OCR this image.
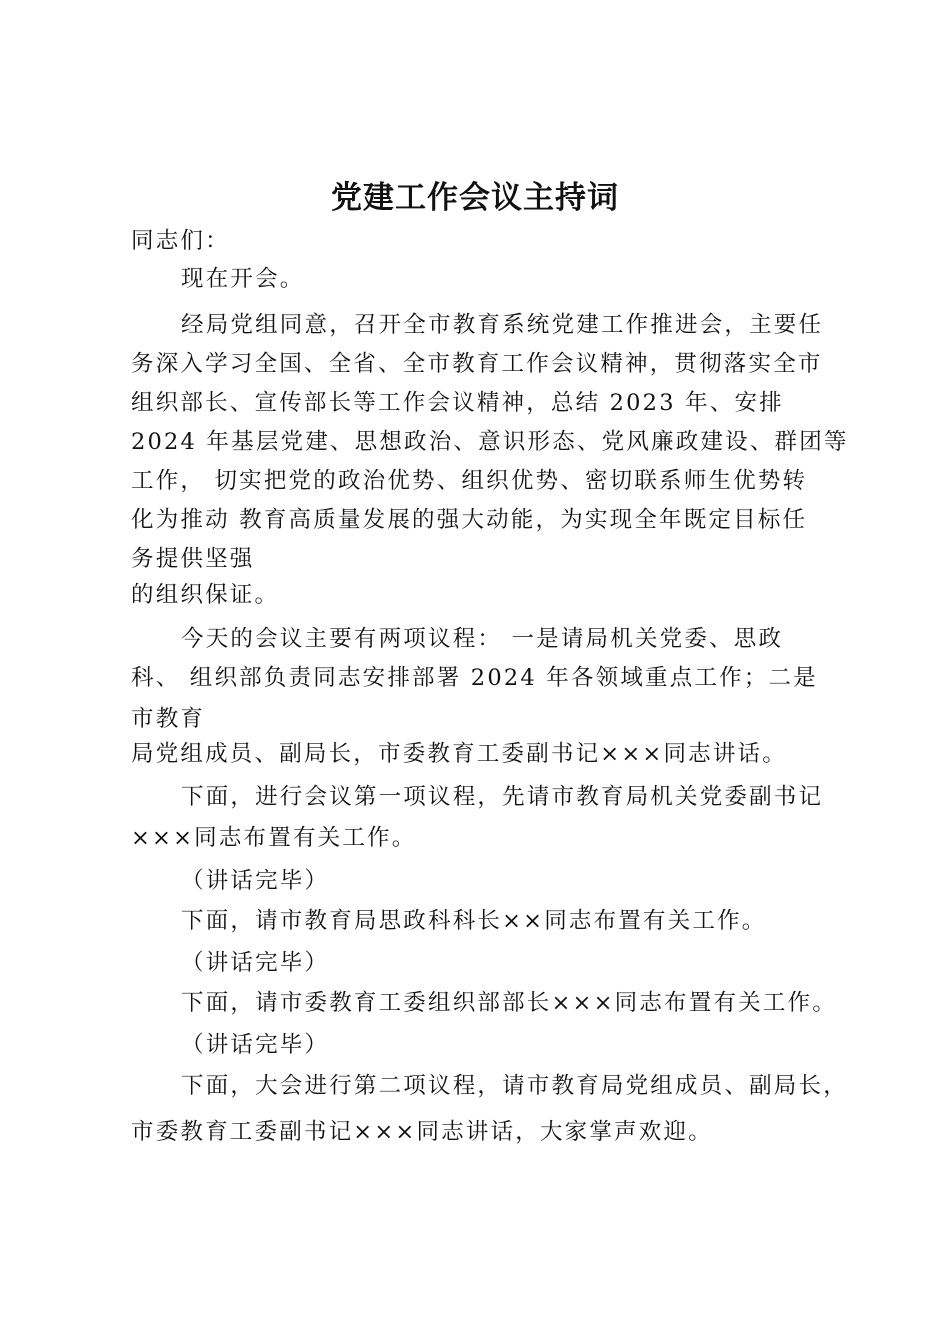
党建工作会议主持词
同志们：
现在开会。
经局党组同意，召开全市教育系统党建工作推进会，主要任
务深入学习全国、全省、全市教育工作会议精神，贯彻落实全市
组织部长、宣传部长等工作会议精神，总结 2023 年、安排
2024 年基层党建、思想政治、意识形态、党风廉政建设、群团等
工作， 切实把党的政治优势、组织优势、密切联系师生优势转
化为推动 教育高质量发展的强大动能，为实现全年既定目标任
务提供坚强
的组织保证。
今天的会议主要有两项议程： 一是请局机关党委、思政
科、 组织部负责同志安排部署 2024 年各领域重点工作；二是
市教育
局党组成员、副局长，市委教育工委副书记×××同志讲话。
下面，进行会议第一项议程，先请市教育局机关党委副书记
×××同志布置有关工作。
（讲话完毕）
下面，请市教育局思政科科长××同志布置有关工作。
（讲话完毕）
下面，请市委教育工委组织部部长×××同志布置有关工作。
（讲话完毕）
下面，大会进行第二项议程，请市教育局党组成员、副局长，
市委教育工委副书记×××同志讲话，大家掌声欢迎。
